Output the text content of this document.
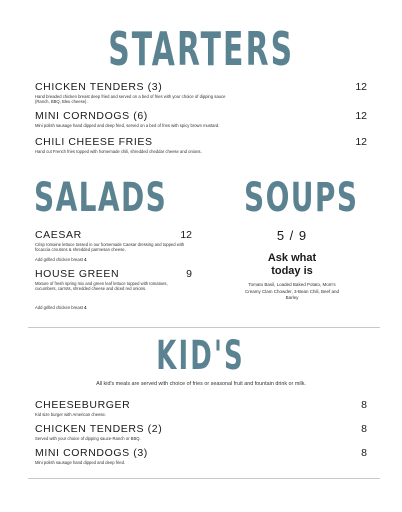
STARTERS
CHICKEN TENDERS (3)	12
Hand breaded chicken breast deep fried and served on a bed of fries with your choice of dipping sauce (Ranch, BBQ, Bleu cheese).
MINI CORNDOGS (6)	12
Mini polish sausage hand dipped and deep fried, served on a bed of fries with spicy brown mustard.
CHILI CHEESE FRIES	12
Hand cut French fries topped with homemade chili, shredded cheddar cheese and onions.
SALADS
CAESAR	12
Crisp romaine lettuce tossed in our homemade Caesar dressing and topped with focaccia croutons & shredded parmesan cheese.
Add grilled chicken breast 4
HOUSE GREEN	9
Mixture of fresh spring mix and green leaf lettuce topped with tomatoes, cucumbers, carrots, shredded cheese and diced red onions.
Add grilled chicken breast 4
SOUPS
5 / 9
Ask what today is
Tomato Basil, Loaded Baked Potato, Mom's Creamy Clam Chowder, 3-Bean Chili, Beef and Barley
KID'S
All kid's meals are served with choice of fries or seasonal fruit and fountain drink or milk.
CHEESEBURGER	8
Kid size burger with American cheese.
CHICKEN TENDERS (2)	8
Served with your choice of dipping sauce-Ranch or BBQ.
MINI CORNDOGS (3)	8
Mini polish sausage hand dipped and deep fried.
